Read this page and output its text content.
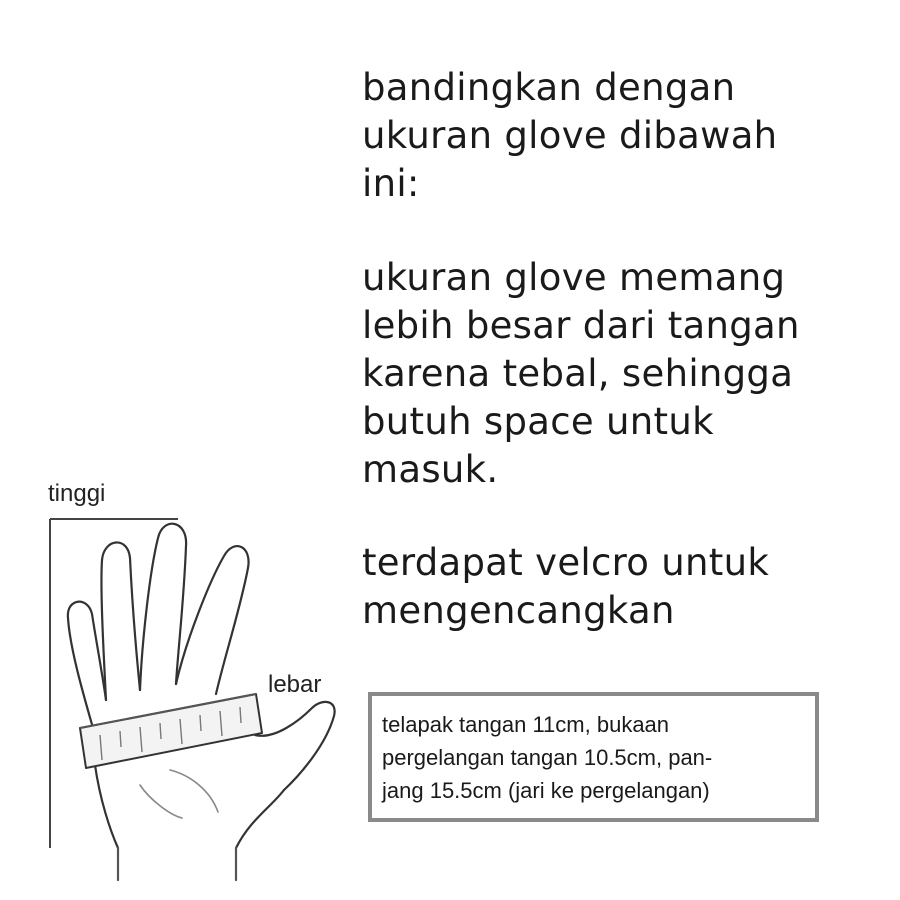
bandingkan dengan
ukuran glove dibawah
ini:
ukuran glove memang
lebih besar dari tangan
karena tebal, sehingga
butuh space untuk
masuk.
terdapat velcro untuk
mengencangkan
tinggi
lebar
telapak tangan 11cm, bukaan
pergelangan tangan 10.5cm, pan-
jang 15.5cm (jari ke pergelangan)
